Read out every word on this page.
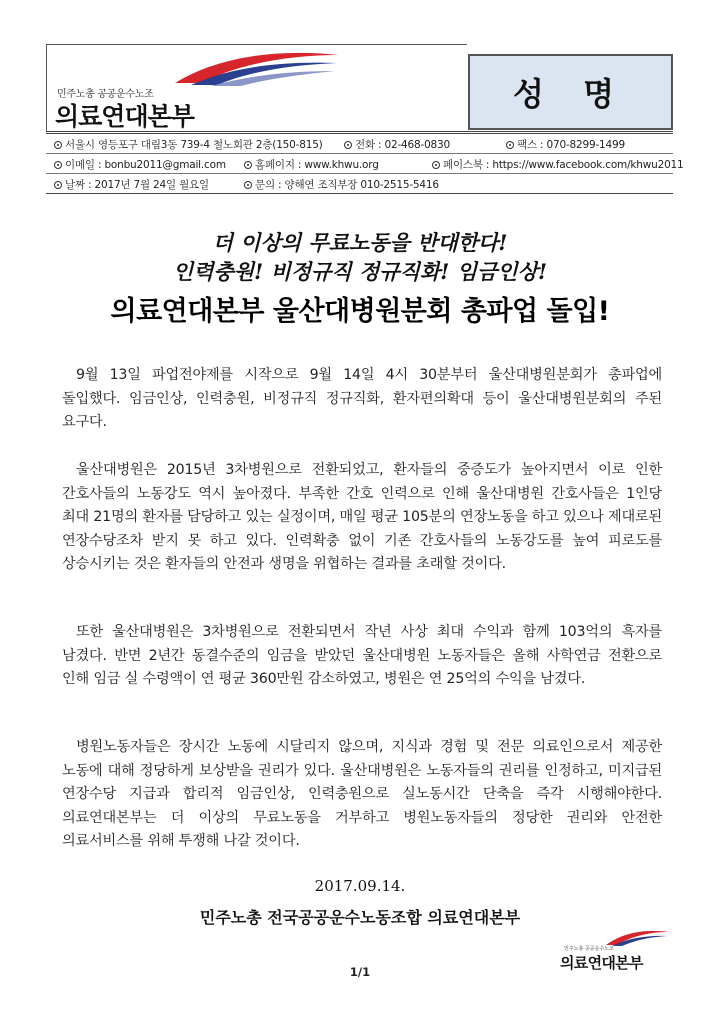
민주노총 공공운수노조
의료연대본부
성 명
서울시 영등포구 대림3동 739-4 철노회관 2층(150-815)	전화 : 02-468-0830	팩스 : 070-8299-1499
이메일 : bonbu2011@gmail.com	홈페이지 : www.khwu.org	페이스북 : https://www.facebook.com/khwu2011
날짜 : 2017년 7월 24일 월요일	문의 : 양해연 조직부장 010-2515-5416
더 이상의 무료노동을 반대한다!
인력충원! 비정규직 정규직화! 임금인상!
의료연대본부 울산대병원분회 총파업 돌입!
9월 13일 파업전야제를 시작으로 9월 14일 4시 30분부터 울산대병원분회가 총파업에 돌입했다. 임금인상, 인력충원, 비정규직 정규직화, 환자편의확대 등이 울산대병원분회의 주된 요구다.
울산대병원은 2015년 3차병원으로 전환되었고, 환자들의 중증도가 높아지면서 이로 인한 간호사들의 노동강도 역시 높아졌다. 부족한 간호 인력으로 인해 울산대병원 간호사들은 1인당 최대 21명의 환자를 담당하고 있는 실정이며, 매일 평균 105분의 연장노동을 하고 있으나 제대로된 연장수당조차 받지 못 하고 있다. 인력확충 없이 기존 간호사들의 노동강도를 높여 피로도를 상승시키는 것은 환자들의 안전과 생명을 위협하는 결과를 초래할 것이다.
또한 울산대병원은 3차병원으로 전환되면서 작년 사상 최대 수익과 함께 103억의 흑자를 남겼다. 반면 2년간 동결수준의 임금을 받았던 울산대병원 노동자들은 올해 사학연금 전환으로 인해 임금 실 수령액이 연 평균 360만원 감소하였고, 병원은 연 25억의 수익을 남겼다.
병원노동자들은 장시간 노동에 시달리지 않으며, 지식과 경험 및 전문 의료인으로서 제공한 노동에 대해 정당하게 보상받을 권리가 있다. 울산대병원은 노동자들의 권리를 인정하고, 미지급된 연장수당 지급과 합리적 임금인상, 인력충원으로 실노동시간 단축을 즉각 시행해야한다. 의료연대본부는 더 이상의 무료노동을 거부하고 병원노동자들의 정당한 권리와 안전한 의료서비스를 위해 투쟁해 나갈 것이다.
2017.09.14.
민주노총 전국공공운수노동조합 의료연대본부
민주노총 공공운수노조
의료연대본부
1/1
